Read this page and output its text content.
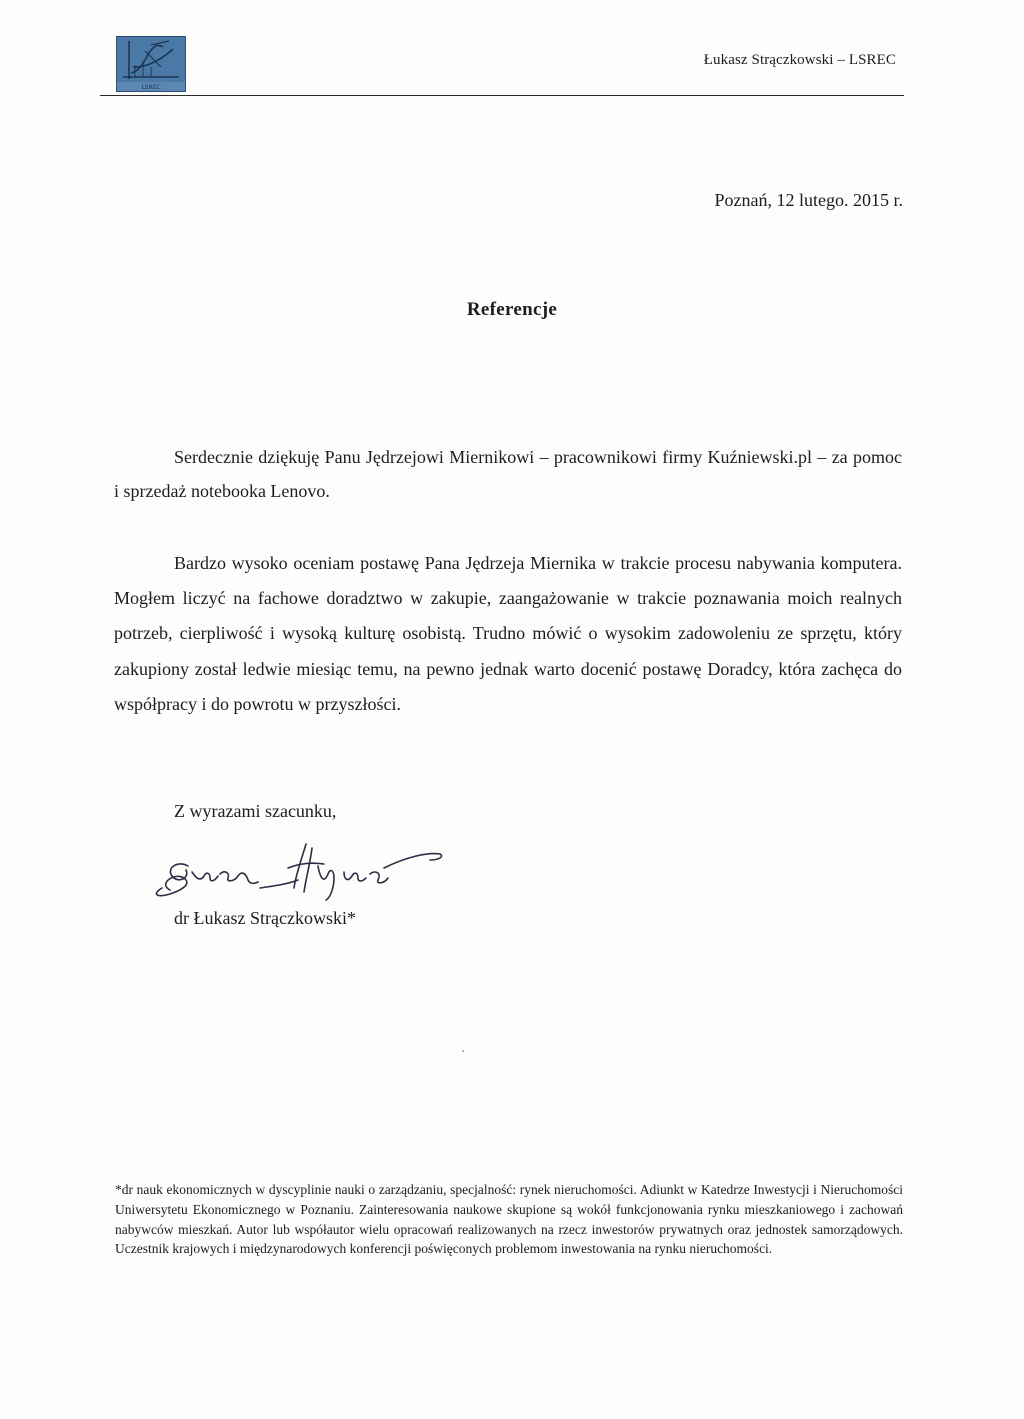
LSREC
Łukasz Strączkowski – LSREC
Poznań, 12 lutego. 2015 r.
Referencje
Serdecznie dziękuję Panu Jędrzejowi Miernikowi – pracownikowi firmy Kuźniewski.pl – za pomoc i sprzedaż notebooka Lenovo.
Bardzo wysoko oceniam postawę Pana Jędrzeja Miernika w trakcie procesu nabywania komputera. Mogłem liczyć na fachowe doradztwo w zakupie, zaangażowanie w trakcie poznawania moich realnych potrzeb, cierpliwość i wysoką kulturę osobistą. Trudno mówić o wysokim zadowoleniu ze sprzętu, który zakupiony został ledwie miesiąc temu, na pewno jednak warto docenić postawę Doradcy, która zachęca do współpracy i do powrotu w przyszłości.
Z wyrazami szacunku,
dr Łukasz Strączkowski*
*dr nauk ekonomicznych w dyscyplinie nauki o zarządzaniu, specjalność: rynek nieruchomości. Adiunkt w Katedrze Inwestycji i Nieruchomości Uniwersytetu Ekonomicznego w Poznaniu. Zainteresowania naukowe skupione są wokół funkcjonowania rynku mieszkaniowego i zachowań nabywców mieszkań. Autor lub współautor wielu opracowań realizowanych na rzecz inwestorów prywatnych oraz jednostek samorządowych. Uczestnik krajowych i międzynarodowych konferencji poświęconych problemom inwestowania na rynku nieruchomości.
